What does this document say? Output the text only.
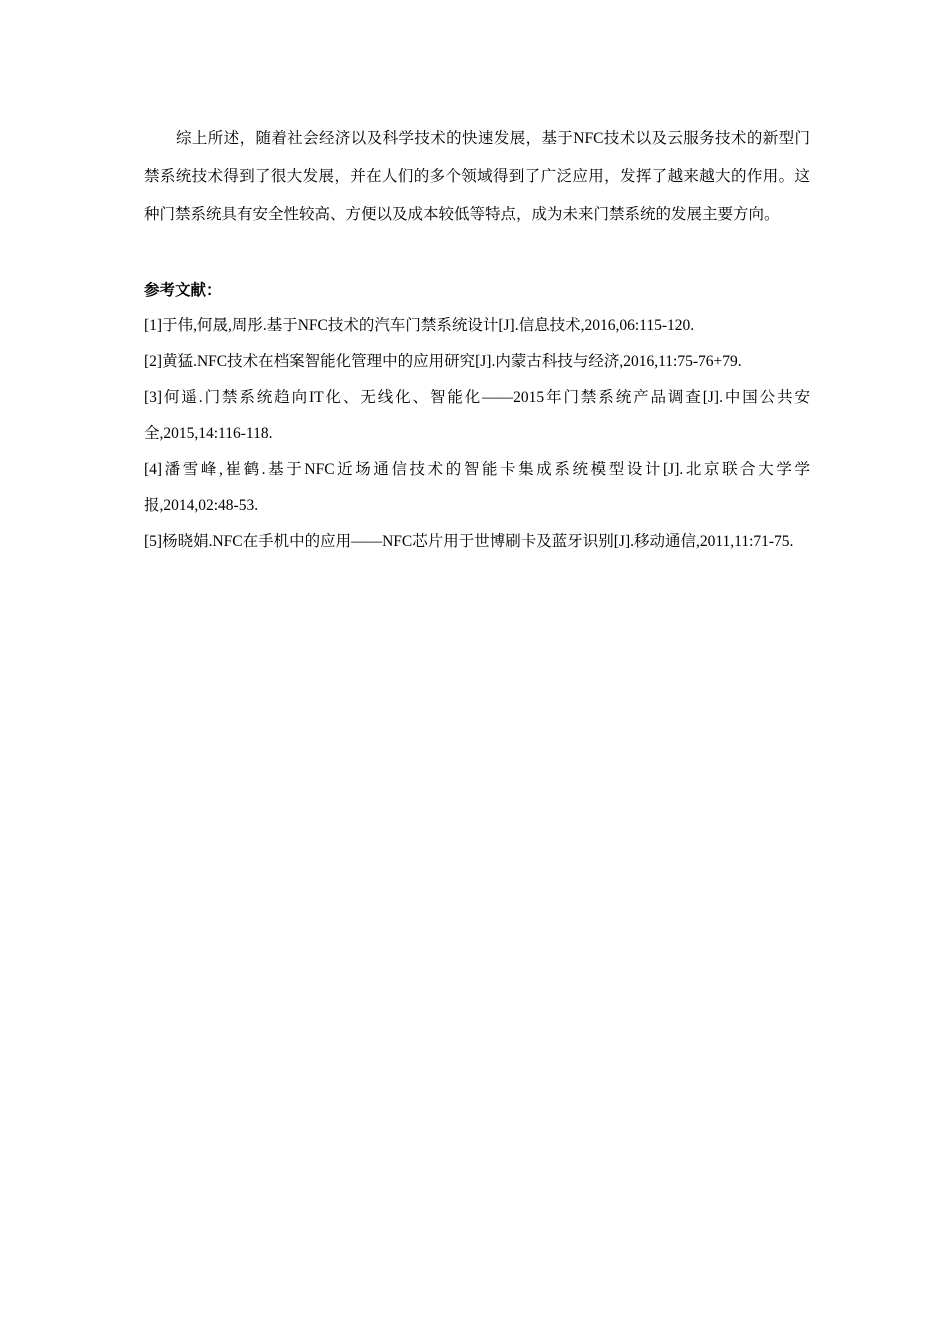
综上所述，随着社会经济以及科学技术的快速发展，基于NFC技术以及云服务技术的新型门禁系统技术得到了很大发展，并在人们的多个领域得到了广泛应用，发挥了越来越大的作用。这种门禁系统具有安全性较高、方便以及成本较低等特点，成为未来门禁系统的发展主要方向。

参考文献：

[1]于伟,何晟,周彤.基于NFC技术的汽车门禁系统设计[J].信息技术,2016,06:115-120.
[2]黄猛.NFC技术在档案智能化管理中的应用研究[J].内蒙古科技与经济,2016,11:75-76+79.
[3]何遥.门禁系统趋向IT化、无线化、智能化——2015年门禁系统产品调查[J].中国公共安全,2015,14:116-118.
[4]潘雪峰,崔鹤.基于NFC近场通信技术的智能卡集成系统模型设计[J].北京联合大学学报,2014,02:48-53.
[5]杨晓娟.NFC在手机中的应用——NFC芯片用于世博刷卡及蓝牙识别[J].移动通信,2011,11:71-75.
